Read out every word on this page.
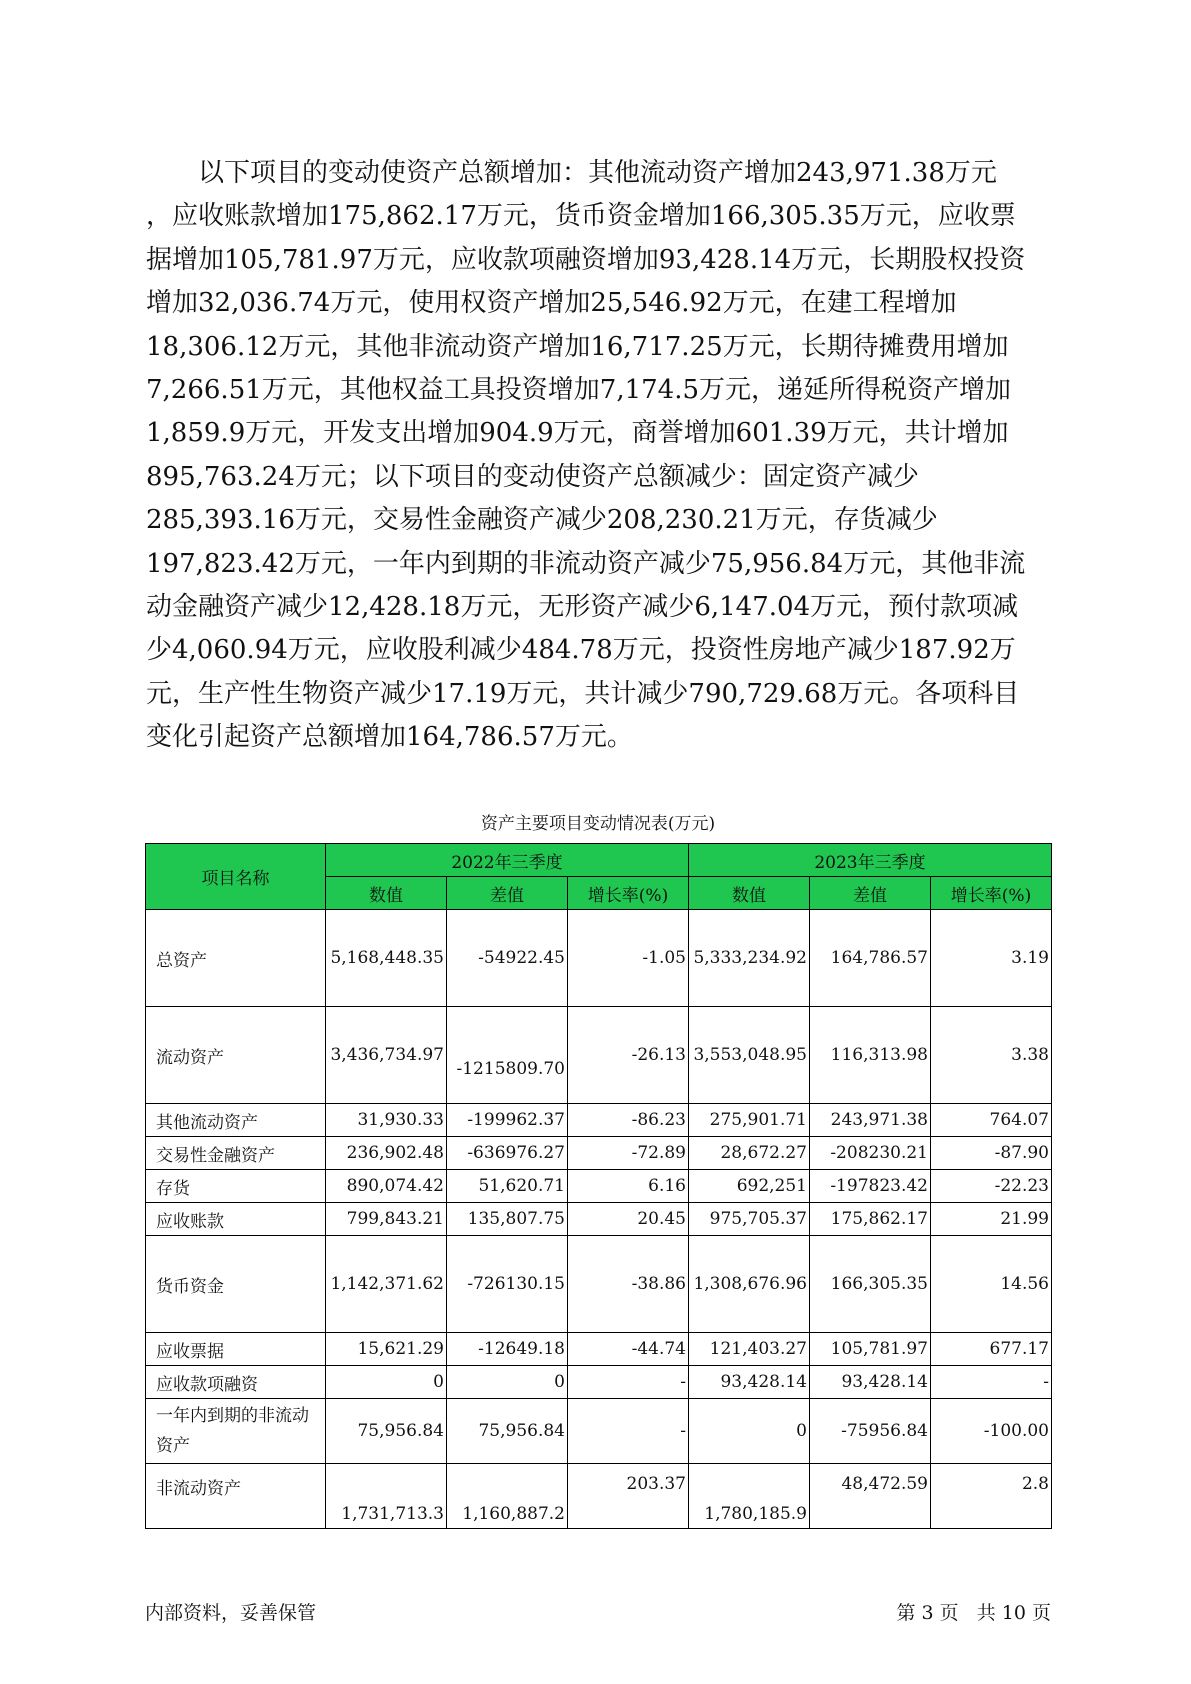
以下项目的变动使资产总额增加：其他流动资产增加243,971.38万元
，应收账款增加175,862.17万元，货币资金增加166,305.35万元，应收票
据增加105,781.97万元，应收款项融资增加93,428.14万元，长期股权投资
增加32,036.74万元，使用权资产增加25,546.92万元，在建工程增加
18,306.12万元，其他非流动资产增加16,717.25万元，长期待摊费用增加
7,266.51万元，其他权益工具投资增加7,174.5万元，递延所得税资产增加
1,859.9万元，开发支出增加904.9万元，商誉增加601.39万元，共计增加
895,763.24万元；以下项目的变动使资产总额减少：固定资产减少
285,393.16万元，交易性金融资产减少208,230.21万元，存货减少
197,823.42万元，一年内到期的非流动资产减少75,956.84万元，其他非流
动金融资产减少12,428.18万元，无形资产减少6,147.04万元，预付款项减
少4,060.94万元，应收股利减少484.78万元，投资性房地产减少187.92万
元，生产性生物资产减少17.19万元，共计减少790,729.68万元。各项科目
变化引起资产总额增加164,786.57万元。
资产主要项目变动情况表(万元)
项目名称	2022年三季度			2023年三季度		
	数值	差值	增长率(%)	数值	差值	增长率(%)
总资产	5,168,448.35	-54922.45	-1.05	5,333,234.92	164,786.57	3.19
流动资产	3,436,734.97	-1215809.70	-26.13	3,553,048.95	116,313.98	3.38
其他流动资产	31,930.33	-199962.37	-86.23	275,901.71	243,971.38	764.07
交易性金融资产	236,902.48	-636976.27	-72.89	28,672.27	-208230.21	-87.90
存货	890,074.42	51,620.71	6.16	692,251	-197823.42	-22.23
应收账款	799,843.21	135,807.75	20.45	975,705.37	175,862.17	21.99
货币资金	1,142,371.62	-726130.15	-38.86	1,308,676.96	166,305.35	14.56
应收票据	15,621.29	-12649.18	-44.74	121,403.27	105,781.97	677.17
应收款项融资	0	0	-	93,428.14	93,428.14	-
一年内到期的非流动资产	75,956.84	75,956.84	-	0	-75956.84	-100.00
非流动资产	1,731,713.3	1,160,887.2	203.37	1,780,185.9	48,472.59	2.8
内部资料，妥善保管	第 3 页   共 10 页
